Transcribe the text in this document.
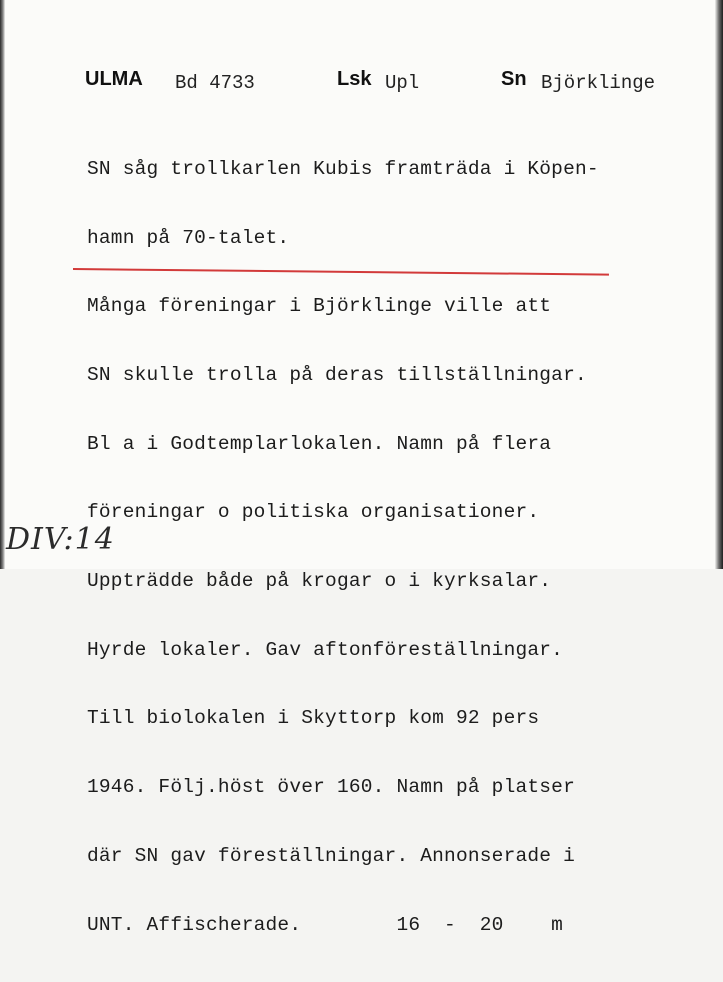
ULMA Bd 4733	Lsk Upl	Sn Björklinge

SN såg trollkarlen Kubis framträda i Köpen-

hamn på 70-talet.

Många föreningar i Björklinge ville att

SN skulle trolla på deras tillställningar.

Bl a i Godtemplarlokalen. Namn på flera

föreningar o politiska organisationer.

Uppträdde både på krogar o i kyrksalar.

Hyrde lokaler. Gav aftonföreställningar.

Till biolokalen i Skyttorp kom 92 pers

1946. Följ.höst över 160. Namn på platser

där SN gav föreställningar. Annonserade i

UNT. Affischerade.        16  -  20    m

DIV:14
